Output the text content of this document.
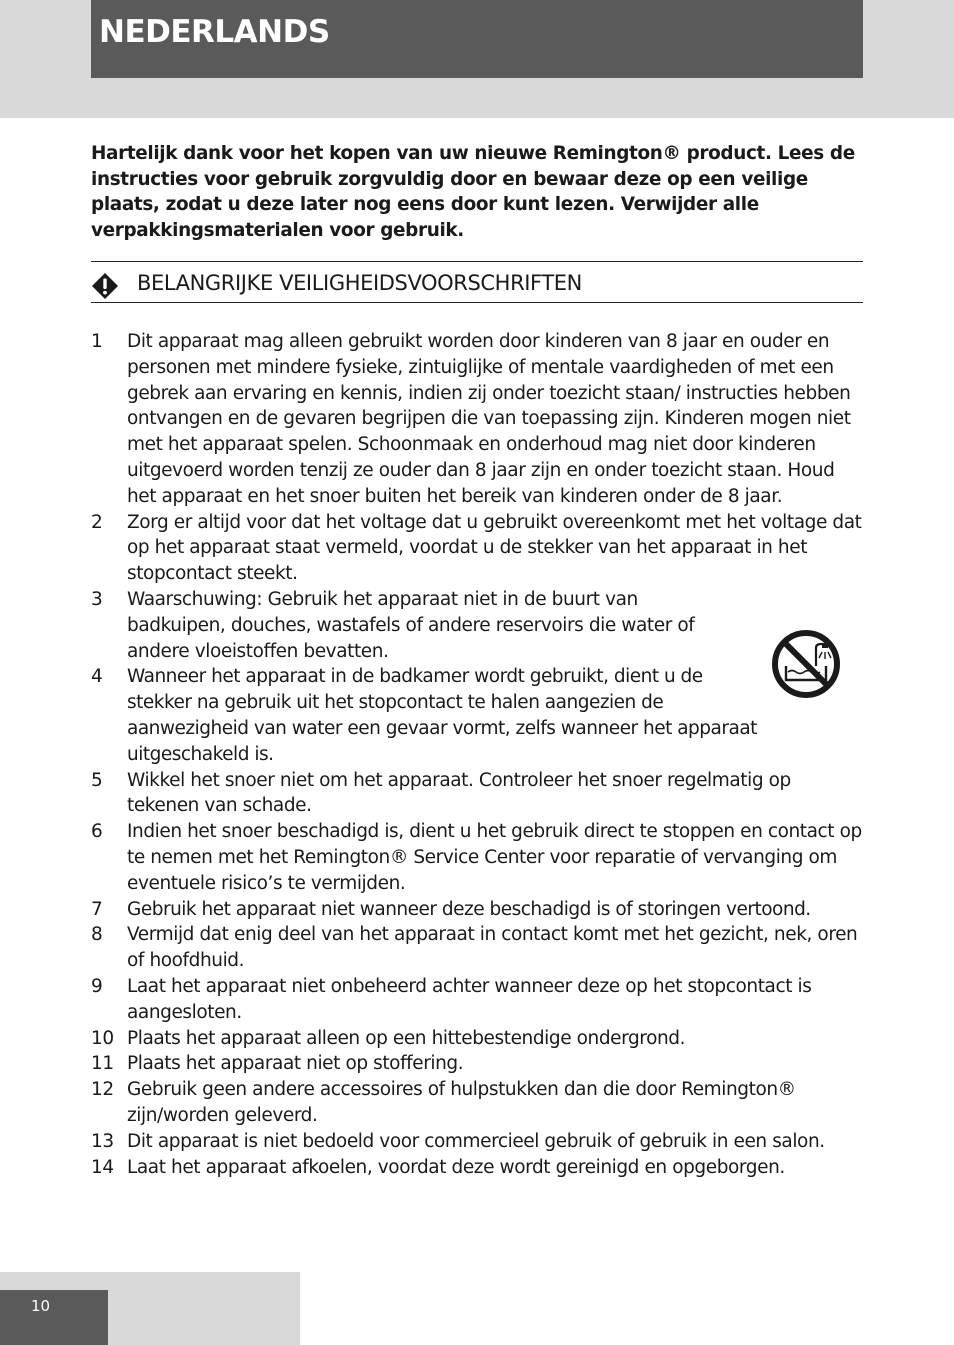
NEDERLANDS

Hartelijk dank voor het kopen van uw nieuwe Remington® product. Lees de instructies voor gebruik zorgvuldig door en bewaar deze op een veilige plaats, zodat u deze later nog eens door kunt lezen. Verwijder alle verpakkingsmaterialen voor gebruik.

BELANGRIJKE VEILIGHEIDSVOORSCHRIFTEN
1 Dit apparaat mag alleen gebruikt worden door kinderen van 8 jaar en ouder en personen met mindere fysieke, zintuiglijke of mentale vaardigheden of met een gebrek aan ervaring en kennis, indien zij onder toezicht staan/ instructies hebben ontvangen en de gevaren begrijpen die van toepassing zijn. Kinderen mogen niet met het apparaat spelen. Schoonmaak en onderhoud mag niet door kinderen uitgevoerd worden tenzij ze ouder dan 8 jaar zijn en onder toezicht staan. Houd het apparaat en het snoer buiten het bereik van kinderen onder de 8 jaar.
2 Zorg er altijd voor dat het voltage dat u gebruikt overeenkomt met het voltage dat op het apparaat staat vermeld, voordat u de stekker van het apparaat in het stopcontact steekt.
3 Waarschuwing: Gebruik het apparaat niet in de buurt van badkuipen, douches, wastafels of andere reservoirs die water of andere vloeistoffen bevatten.
4 Wanneer het apparaat in de badkamer wordt gebruikt, dient u de stekker na gebruik uit het stopcontact te halen aangezien de aanwezigheid van water een gevaar vormt, zelfs wanneer het apparaat uitgeschakeld is.
5 Wikkel het snoer niet om het apparaat. Controleer het snoer regelmatig op tekenen van schade.
6 Indien het snoer beschadigd is, dient u het gebruik direct te stoppen en contact op te nemen met het Remington® Service Center voor reparatie of vervanging om eventuele risico’s te vermijden.
7 Gebruik het apparaat niet wanneer deze beschadigd is of storingen vertoond.
8 Vermijd dat enig deel van het apparaat in contact komt met het gezicht, nek, oren of hoofdhuid.
9 Laat het apparaat niet onbeheerd achter wanneer deze op het stopcontact is aangesloten.
10 Plaats het apparaat alleen op een hittebestendige ondergrond.
11 Plaats het apparaat niet op stoffering.
12 Gebruik geen andere accessoires of hulpstukken dan die door Remington® zijn/worden geleverd.
13 Dit apparaat is niet bedoeld voor commercieel gebruik of gebruik in een salon.
14 Laat het apparaat afkoelen, voordat deze wordt gereinigd en opgeborgen.
10
